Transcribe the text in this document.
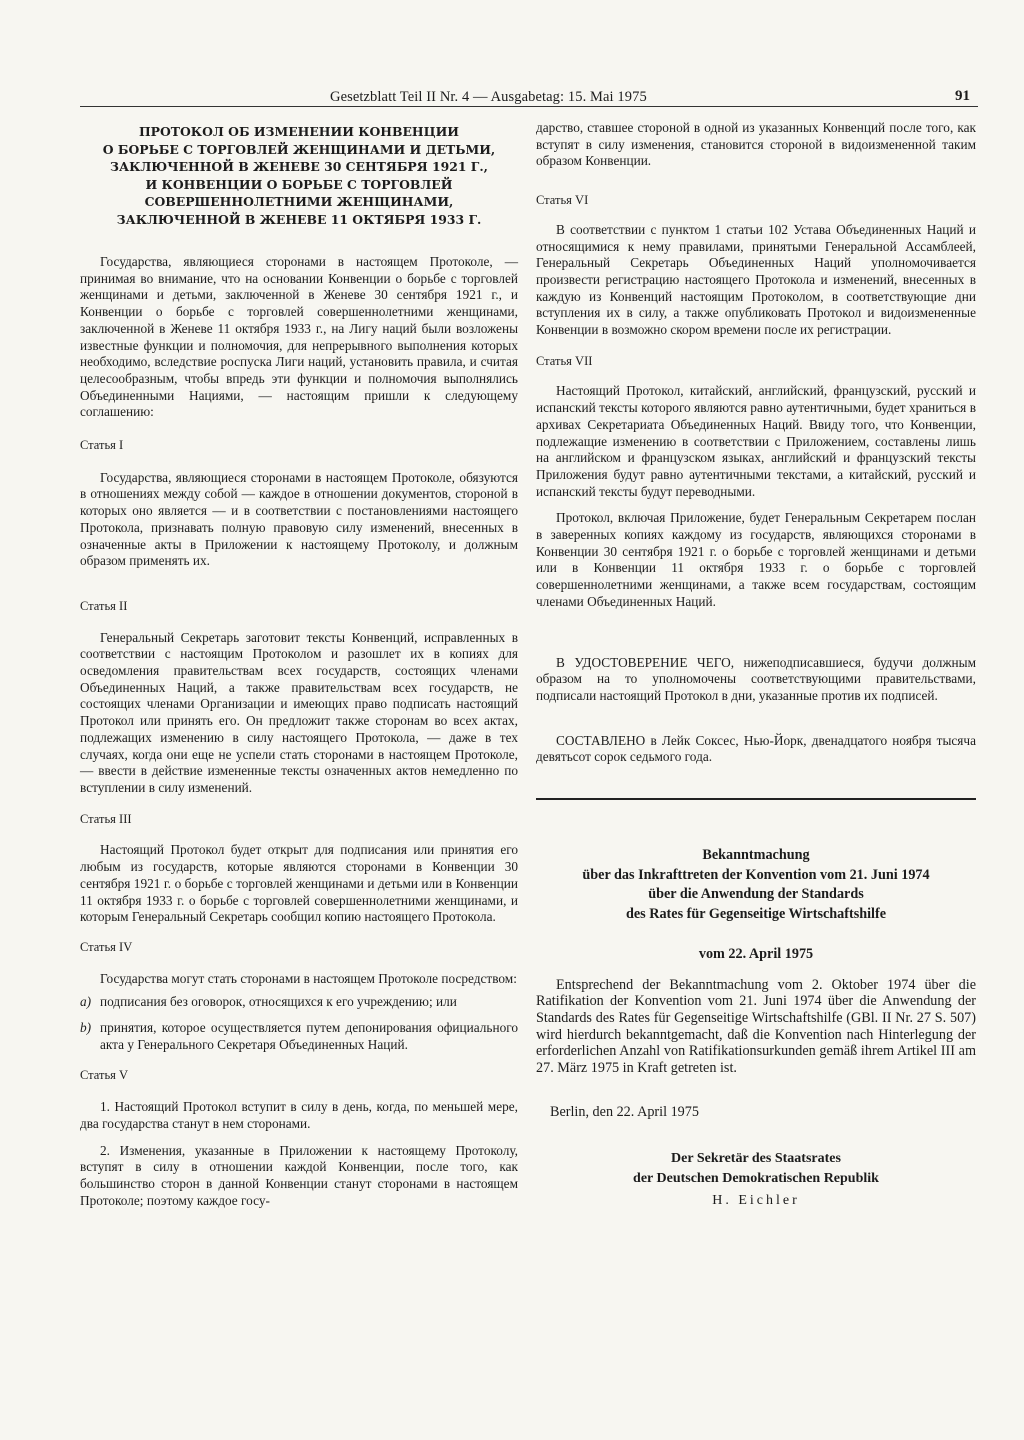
Gesetzblatt Teil II Nr. 4 — Ausgabetag: 15. Mai 1975	91
ПРОТОКОЛ ОБ ИЗМЕНЕНИИ КОНВЕНЦИИ
О БОРЬБЕ С ТОРГОВЛЕЙ ЖЕНЩИНАМИ И ДЕТЬМИ,
ЗАКЛЮЧЕННОЙ В ЖЕНЕВЕ 30 СЕНТЯБРЯ 1921 Г.,
И КОНВЕНЦИИ О БОРЬБЕ С ТОРГОВЛЕЙ
СОВЕРШЕННОЛЕТНИМИ ЖЕНЩИНАМИ,
ЗАКЛЮЧЕННОЙ В ЖЕНЕВЕ 11 ОКТЯБРЯ 1933 Г.

Государства, являющиеся сторонами в настоящем Протоколе, — принимая во внимание, что на основании Конвенции о борьбе с торговлей женщинами и детьми, заключенной в Женеве 30 сентября 1921 г., и Конвенции о борьбе с торговлей совершеннолетними женщинами, заключенной в Женеве 11 октября 1933 г., на Лигу наций были возложены известные функции и полномочия, для непрерывного выполнения которых необходимо, вследствие роспуска Лиги наций, установить правила, и считая целесообразным, чтобы впредь эти функции и полномочия выполнялись Объединенными Нациями, — настоящим пришли к следующему соглашению:

Статья I

Государства, являющиеся сторонами в настоящем Протоколе, обязуются в отношениях между собой — каждое в отношении документов, стороной в которых оно является — и в соответствии с постановлениями настоящего Протокола, признавать полную правовую силу изменений, внесенных в означенные акты в Приложении к настоящему Протоколу, и должным образом применять их.

Статья II

Генеральный Секретарь заготовит тексты Конвенций, исправленных в соответствии с настоящим Протоколом и разошлет их в копиях для осведомления правительствам всех государств, состоящих членами Объединенных Наций, а также правительствам всех государств, не состоящих членами Организации и имеющих право подписать настоящий Протокол или принять его. Он предложит также сторонам во всех актах, подлежащих изменению в силу настоящего Протокола, — даже в тех случаях, когда они еще не успели стать сторонами в настоящем Протоколе, — ввести в действие измененные тексты означенных актов немедленно по вступлении в силу изменений.

Статья III

Настоящий Протокол будет открыт для подписания или принятия его любым из государств, которые являются сторонами в Конвенции 30 сентября 1921 г. о борьбе с торговлей женщинами и детьми или в Конвенции 11 октября 1933 г. о борьбе с торговлей совершеннолетними женщинами, и которым Генеральный Секретарь сообщил копию настоящего Протокола.

Статья IV

Государства могут стать сторонами в настоящем Протоколе посредством:

a) подписания без оговорок, относящихся к его учреждению; или
b) принятия, которое осуществляется путем депонирования официального акта у Генерального Секретаря Объединенных Наций.

Статья V

1. Настоящий Протокол вступит в силу в день, когда, по меньшей мере, два государства станут в нем сторонами.

2. Изменения, указанные в Приложении к настоящему Протоколу, вступят в силу в отношении каждой Конвенции, после того, как большинство сторон в данной Конвенции станут сторонами в настоящем Протоколе; поэтому каждое госу-

дарство, ставшее стороной в одной из указанных Конвенций после того, как вступят в силу изменения, становится стороной в видоизмененной таким образом Конвенции.

Статья VI

В соответствии с пунктом 1 статьи 102 Устава Объединенных Наций и относящимися к нему правилами, принятыми Генеральной Ассамблеей, Генеральный Секретарь Объединенных Наций уполномочивается произвести регистрацию настоящего Протокола и изменений, внесенных в каждую из Конвенций настоящим Протоколом, в соответствующие дни вступления их в силу, а также опубликовать Протокол и видоизмененные Конвенции в возможно скором времени после их регистрации.

Статья VII

Настоящий Протокол, китайский, английский, французский, русский и испанский тексты которого являются равно аутентичными, будет храниться в архивах Секретариата Объединенных Наций. Ввиду того, что Конвенции, подлежащие изменению в соответствии с Приложением, составлены лишь на английском и французском языках, английский и французский тексты Приложения будут равно аутентичными текстами, а китайский, русский и испанский тексты будут переводными.

Протокол, включая Приложение, будет Генеральным Секретарем послан в заверенных копиях каждому из государств, являющихся сторонами в Конвенции 30 сентября 1921 г. о борьбе с торговлей женщинами и детьми или в Конвенции 11 октября 1933 г. о борьбе с торговлей совершеннолетними женщинами, а также всем государствам, состоящим членами Объединенных Наций.

В УДОСТОВЕРЕНИЕ ЧЕГО, нижеподписавшиеся, будучи должным образом на то уполномочены соответствующими правительствами, подписали настоящий Протокол в дни, указанные против их подписей.

СОСТАВЛЕНО в Лейк Соксес, Нью-Йорк, двенадцатого ноября тысяча девятьсот сорок седьмого года.

Bekanntmachung
über das Inkrafttreten der Konvention vom 21. Juni 1974
über die Anwendung der Standards
des Rates für Gegenseitige Wirtschaftshilfe
vom 22. April 1975

Entsprechend der Bekanntmachung vom 2. Oktober 1974 über die Ratifikation der Konvention vom 21. Juni 1974 über die Anwendung der Standards des Rates für Gegenseitige Wirtschaftshilfe (GBl. II Nr. 27 S. 507) wird hierdurch bekanntgemacht, daß die Konvention nach Hinterlegung der erforderlichen Anzahl von Ratifikationsurkunden gemäß ihrem Artikel III am 27. März 1975 in Kraft getreten ist.

Berlin, den 22. April 1975

Der Sekretär des Staatsrates
der Deutschen Demokratischen Republik
H. Eichler
